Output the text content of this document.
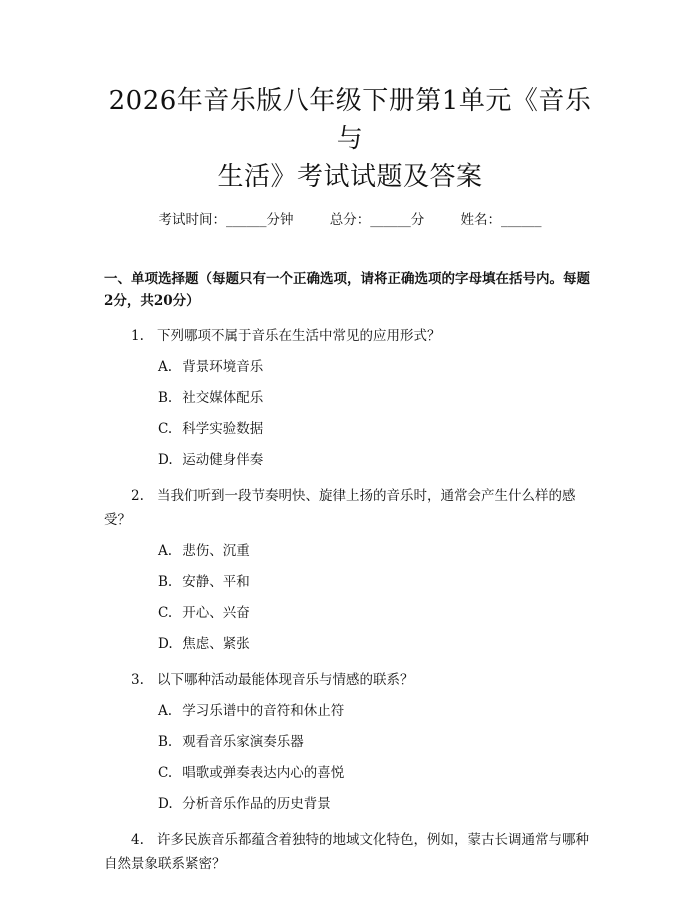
2026年音乐版八年级下册第1单元《音乐与
生活》考试试题及答案
考试时间：______分钟	总分：______分	姓名：______
一、单项选择题（每题只有一个正确选项，请将正确选项的字母填在括号内。每题2分，共20分）
1. 下列哪项不属于音乐在生活中常见的应用形式？
A. 背景环境音乐
B. 社交媒体配乐
C. 科学实验数据
D. 运动健身伴奏
2. 当我们听到一段节奏明快、旋律上扬的音乐时，通常会产生什么样的感受？
A. 悲伤、沉重
B. 安静、平和
C. 开心、兴奋
D. 焦虑、紧张
3. 以下哪种活动最能体现音乐与情感的联系？
A. 学习乐谱中的音符和休止符
B. 观看音乐家演奏乐器
C. 唱歌或弹奏表达内心的喜悦
D. 分析音乐作品的历史背景
4. 许多民族音乐都蕴含着独特的地域文化特色，例如，蒙古长调通常与哪种自然景象联系紧密？
